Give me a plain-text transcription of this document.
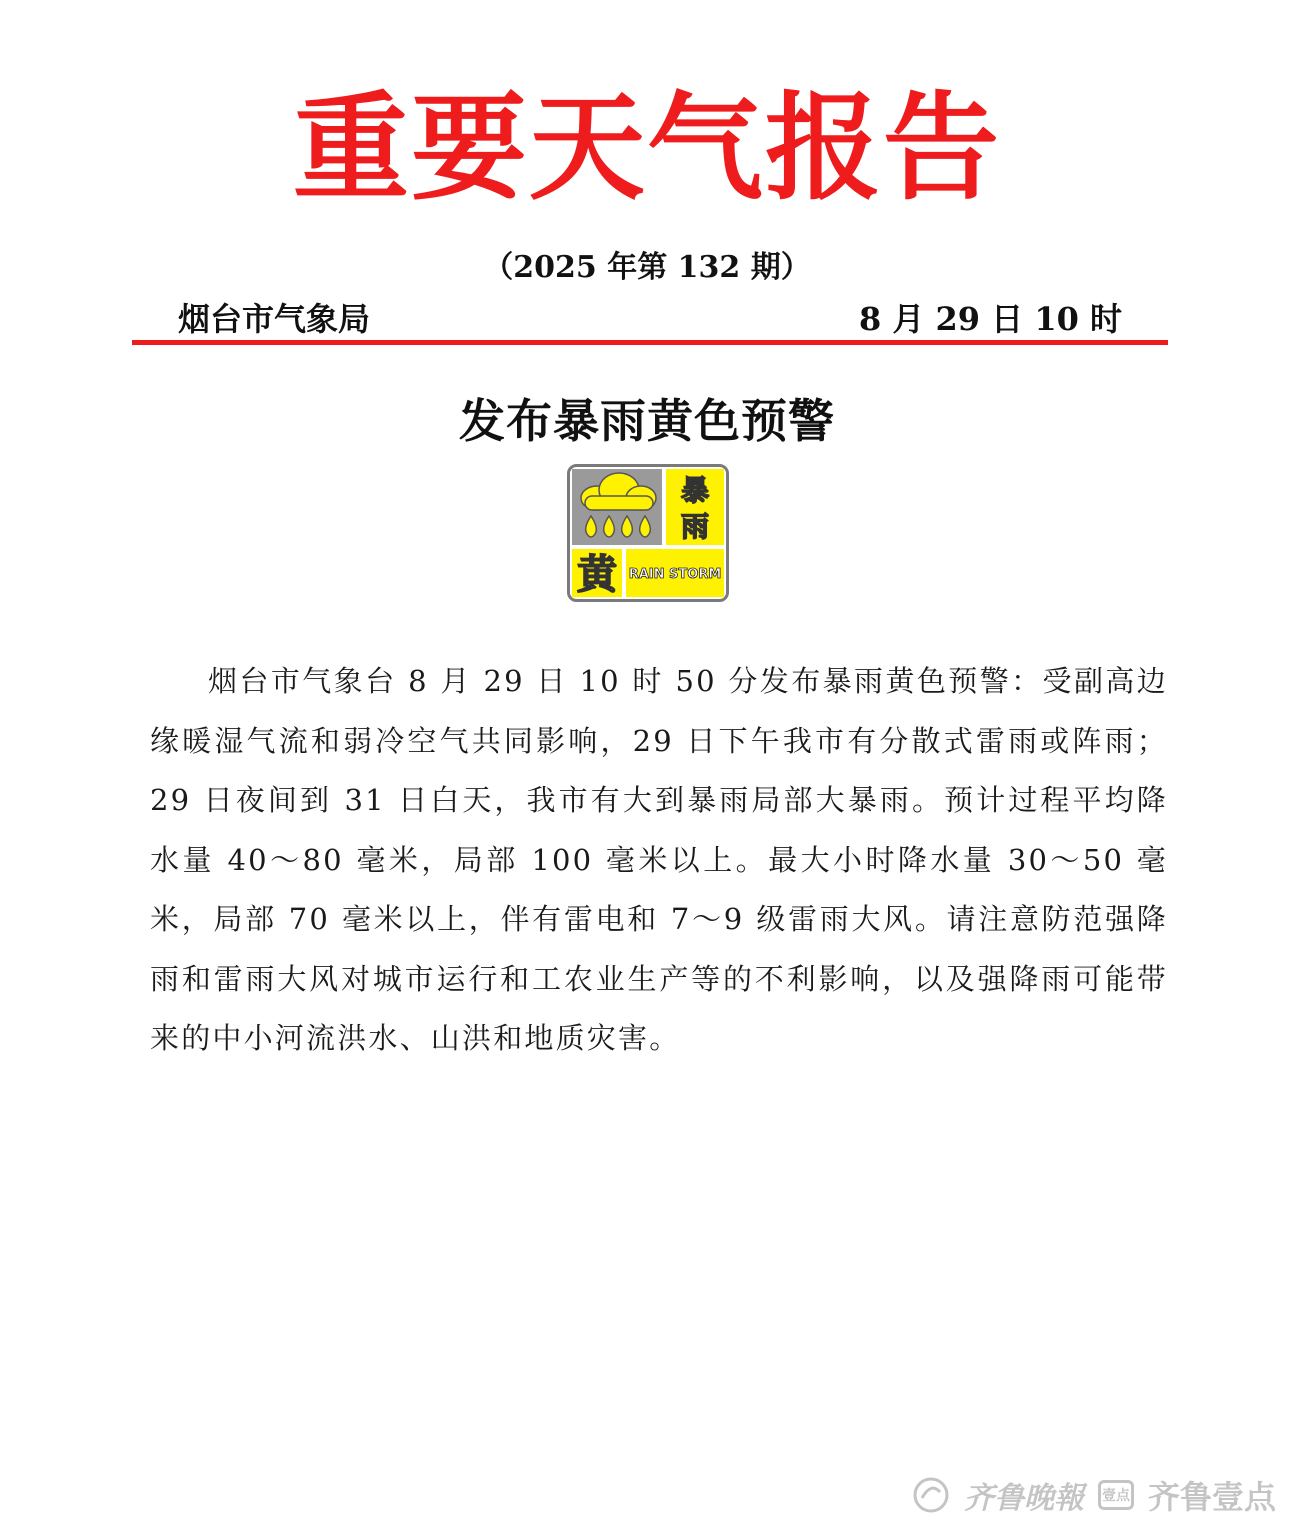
重要天气报告
（2025 年第 132 期）
烟台市气象局	8 月 29 日 10 时
发布暴雨黄色预警
暴
雨
黄 RAIN STORM

烟台市气象台 8 月 29 日 10 时 50 分发布暴雨黄色预警：受副高边缘暖湿气流和弱冷空气共同影响，29 日下午我市有分散式雷雨或阵雨；29 日夜间到 31 日白天，我市有大到暴雨局部大暴雨。预计过程平均降水量 40～80 毫米，局部 100 毫米以上。最大小时降水量 30～50 毫米，局部 70 毫米以上，伴有雷电和 7～9 级雷雨大风。请注意防范强降雨和雷雨大风对城市运行和工农业生产等的不利影响，以及强降雨可能带来的中小河流洪水、山洪和地质灾害。

齐鲁晚報 壹点 齐鲁壹点
